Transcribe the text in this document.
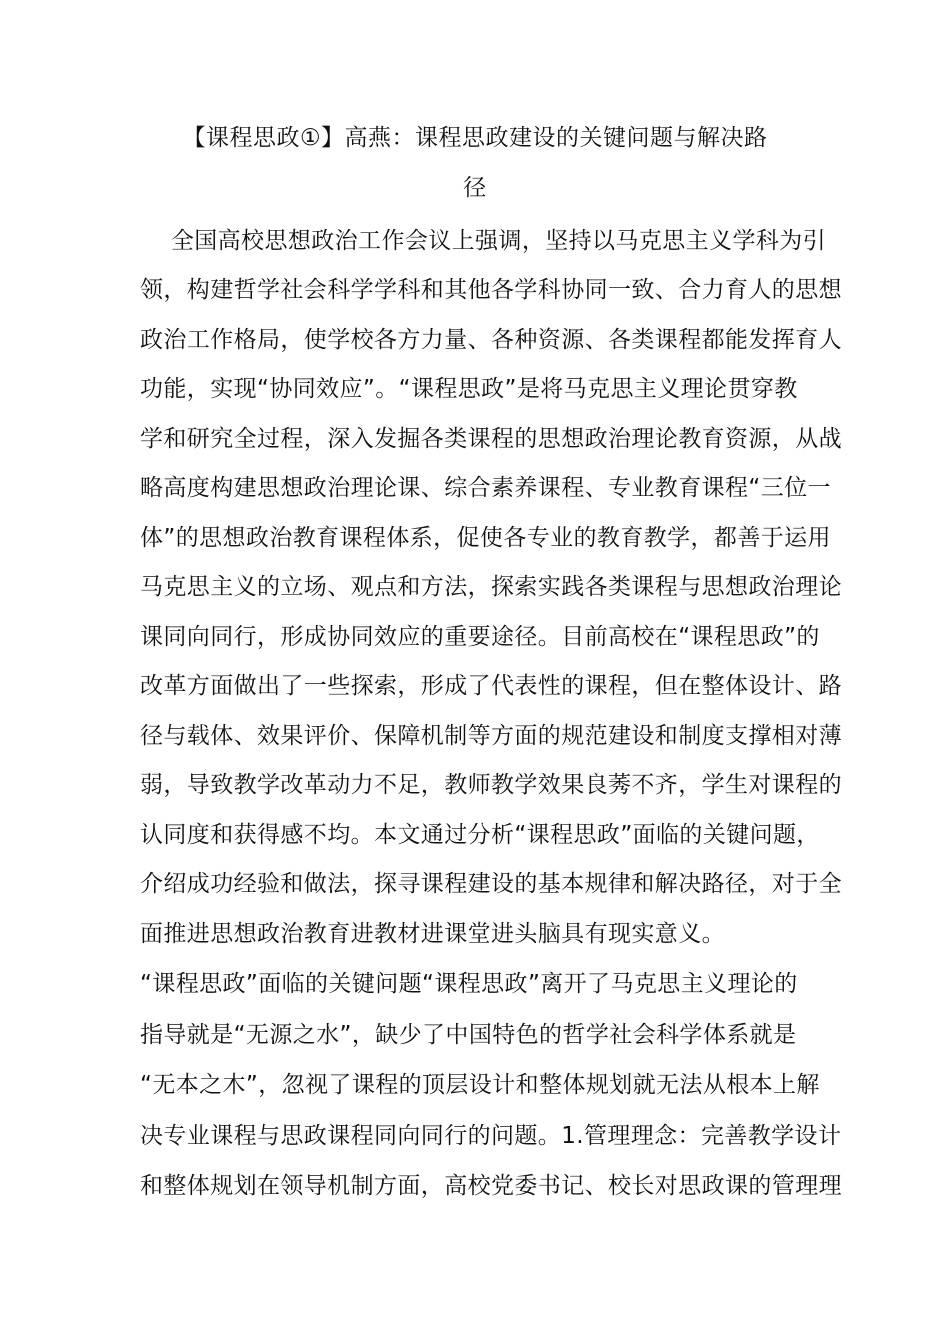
【课程思政①】高燕：课程思政建设的关键问题与解决路
径

全国高校思想政治工作会议上强调，坚持以马克思主义学科为引

领，构建哲学社会科学学科和其他各学科协同一致、合力育人的思想

政治工作格局，使学校各方力量、各种资源、各类课程都能发挥育人

功能，实现“协同效应”。“课程思政”是将马克思主义理论贯穿教

学和研究全过程，深入发掘各类课程的思想政治理论教育资源，从战

略高度构建思想政治理论课、综合素养课程、专业教育课程“三位一

体”的思想政治教育课程体系，促使各专业的教育教学，都善于运用

马克思主义的立场、观点和方法，探索实践各类课程与思想政治理论

课同向同行，形成协同效应的重要途径。目前高校在“课程思政”的

改革方面做出了一些探索，形成了代表性的课程，但在整体设计、路

径与载体、效果评价、保障机制等方面的规范建设和制度支撑相对薄

弱，导致教学改革动力不足，教师教学效果良莠不齐，学生对课程的

认同度和获得感不均。本文通过分析“课程思政”面临的关键问题，

介绍成功经验和做法，探寻课程建设的基本规律和解决路径，对于全

面推进思想政治教育进教材进课堂进头脑具有现实意义。

“课程思政”面临的关键问题“课程思政”离开了马克思主义理论的

指导就是“无源之水”，缺少了中国特色的哲学社会科学体系就是

“无本之木”，忽视了课程的顶层设计和整体规划就无法从根本上解

决专业课程与思政课程同向同行的问题。1.管理理念：完善教学设计

和整体规划在领导机制方面，高校党委书记、校长对思政课的管理理
